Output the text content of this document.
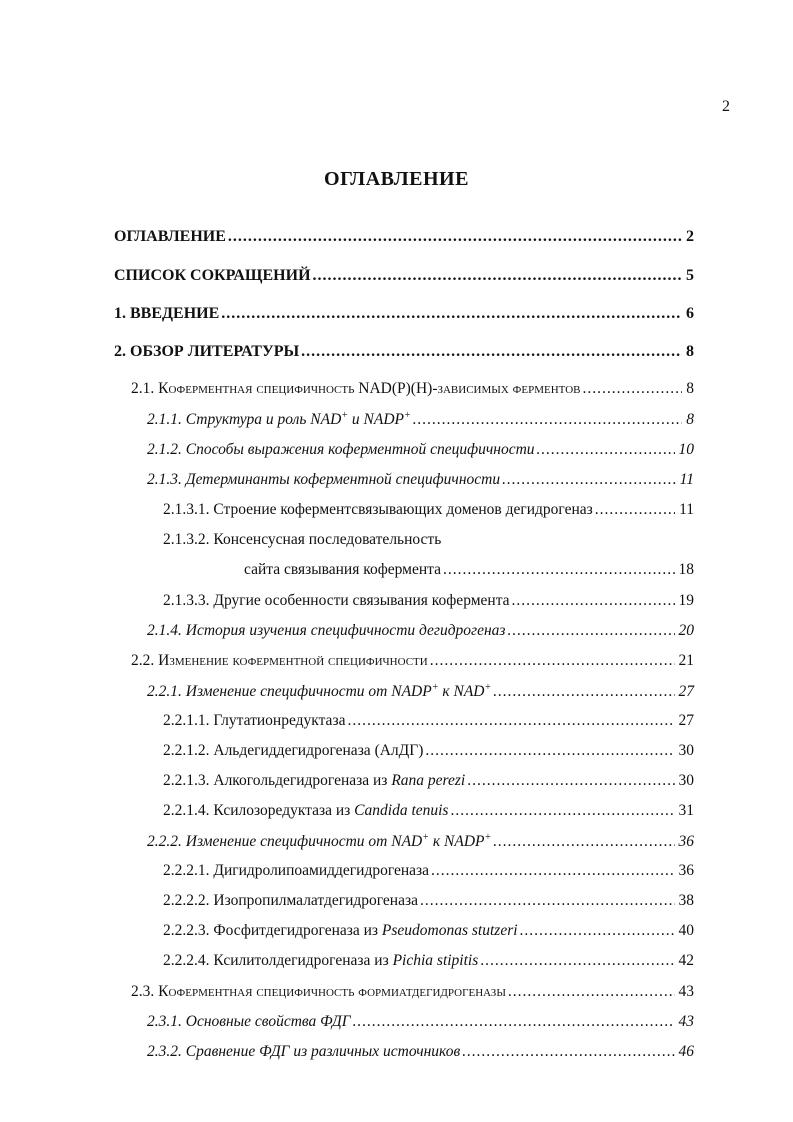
2
ОГЛАВЛЕНИЕ
ОГЛАВЛЕНИЕ .....	2
СПИСОК СОКРАЩЕНИЙ .....	5
1. ВВЕДЕНИЕ .....	6
2. ОБЗОР ЛИТЕРАТУРЫ .....	8
2.1. Коферментная специфичность NAD(P)(H)-зависимых ферментов .....	8
2.1.1. Структура и роль NAD+ и NADP+ .....	8
2.1.2. Способы выражения коферментной специфичности .....	10
2.1.3. Детерминанты коферментной специфичности .....	11
2.1.3.1. Строение коферментсвязывающих доменов дегидрогеназ .....	11
2.1.3.2. Консенсусная последовательность
сайта связывания кофермента .....	18
2.1.3.3. Другие особенности связывания кофермента .....	19
2.1.4. История изучения специфичности дегидрогеназ .....	20
2.2. Изменение коферментной специфичности .....	21
2.2.1. Изменение специфичности от NADP+ к NAD+ .....	27
2.2.1.1. Глутатионредуктаза .....	27
2.2.1.2. Альдегиддегидрогеназа (АлДГ) .....	30
2.2.1.3. Алкогольдегидрогеназа из Rana perezi .....	30
2.2.1.4. Ксилозоредуктаза из Candida tenuis .....	31
2.2.2. Изменение специфичности от NAD+ к NADP+ .....	36
2.2.2.1. Дигидролипоамиддегидрогеназа .....	36
2.2.2.2. Изопропилмалатдегидрогеназа .....	38
2.2.2.3. Фосфитдегидрогеназа из Pseudomonas stutzeri .....	40
2.2.2.4. Ксилитолдегидрогеназа из Pichia stipitis .....	42
2.3. Коферментная специфичность формиатдегидрогеназы .....	43
2.3.1. Основные свойства ФДГ .....	43
2.3.2. Сравнение ФДГ из различных источников .....	46
